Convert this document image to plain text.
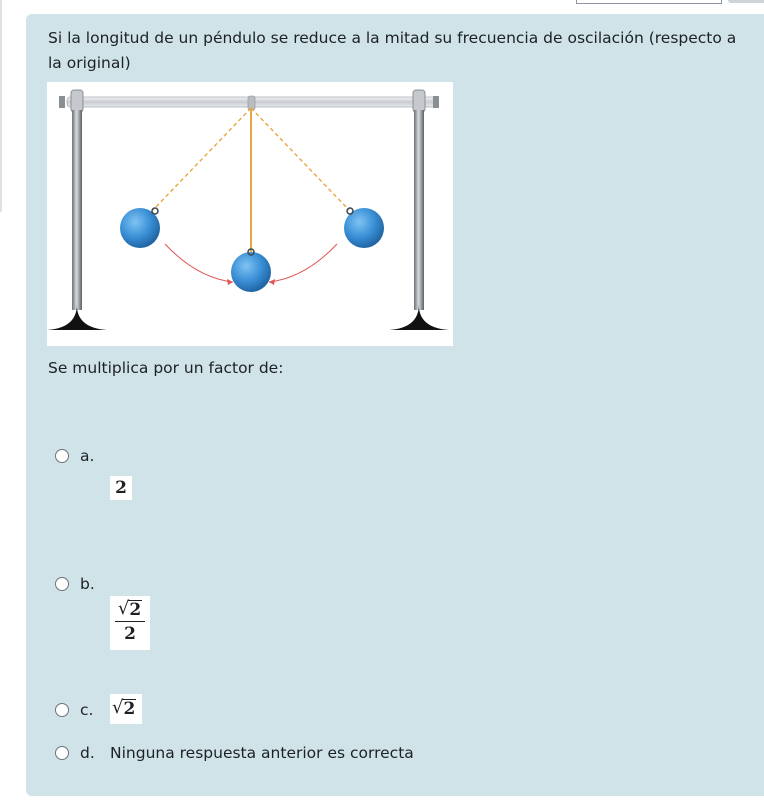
Si la longitud de un péndulo se reduce a la mitad su frecuencia de oscilación (respecto a la original)
Se multiplica por un factor de:
a.
2
b.
√ 2
2
c. √ 2
d. Ninguna respuesta anterior es correcta
